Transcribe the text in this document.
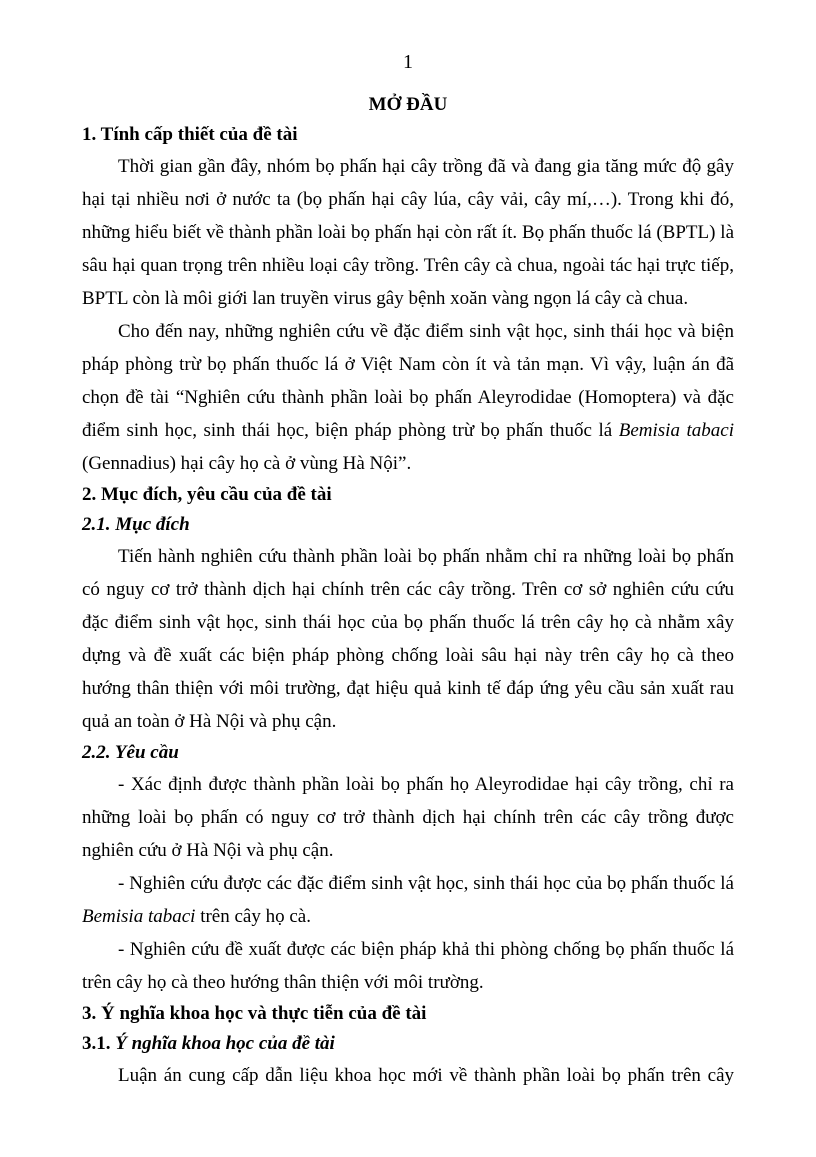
1
MỞ ĐẦU
1. Tính cấp thiết của đề tài

Thời gian gần đây, nhóm bọ phấn hại cây trồng đã và đang gia tăng mức độ gây hại tại nhiều nơi ở nước ta (bọ phấn hại cây lúa, cây vải, cây mí,…). Trong khi đó, những hiểu biết về thành phần loài bọ phấn hại còn rất ít. Bọ phấn thuốc lá (BPTL) là sâu hại quan trọng trên nhiều loại cây trồng. Trên cây cà chua, ngoài tác hại trực tiếp, BPTL còn là môi giới lan truyền virus gây bệnh xoăn vàng ngọn lá cây cà chua.

Cho đến nay, những nghiên cứu về đặc điểm sinh vật học, sinh thái học và biện pháp phòng trừ bọ phấn thuốc lá ở Việt Nam còn ít và tản mạn. Vì vậy, luận án đã chọn đề tài “Nghiên cứu thành phần loài bọ phấn Aleyrodidae (Homoptera) và đặc điểm sinh học, sinh thái học, biện pháp phòng trừ bọ phấn thuốc lá Bemisia tabaci (Gennadius) hại cây họ cà ở vùng Hà Nội”.

2. Mục đích, yêu cầu của đề tài
2.1. Mục đích

Tiến hành nghiên cứu thành phần loài bọ phấn nhằm chỉ ra những loài bọ phấn có nguy cơ trở thành dịch hại chính trên các cây trồng. Trên cơ sở nghiên cứu cứu đặc điểm sinh vật học, sinh thái học của bọ phấn thuốc lá trên cây họ cà nhằm xây dựng và đề xuất các biện pháp phòng chống loài sâu hại này trên cây họ cà theo hướng thân thiện với môi trường, đạt hiệu quả kinh tế đáp ứng yêu cầu sản xuất rau quả an toàn ở Hà Nội và phụ cận.

2.2. Yêu cầu

- Xác định được thành phần loài bọ phấn họ Aleyrodidae hại cây trồng, chỉ ra những loài bọ phấn có nguy cơ trở thành dịch hại chính trên các cây trồng được nghiên cứu ở Hà Nội và phụ cận.

- Nghiên cứu được các đặc điểm sinh vật học, sinh thái học của bọ phấn thuốc lá Bemisia tabaci trên cây họ cà.

- Nghiên cứu đề xuất được các biện pháp khả thi phòng chống bọ phấn thuốc lá trên cây họ cà theo hướng thân thiện với môi trường.

3. Ý nghĩa khoa học và thực tiễn của đề tài
3.1. Ý nghĩa khoa học của đề tài

Luận án cung cấp dẫn liệu khoa học mới về thành phần loài bọ phấn trên cây
